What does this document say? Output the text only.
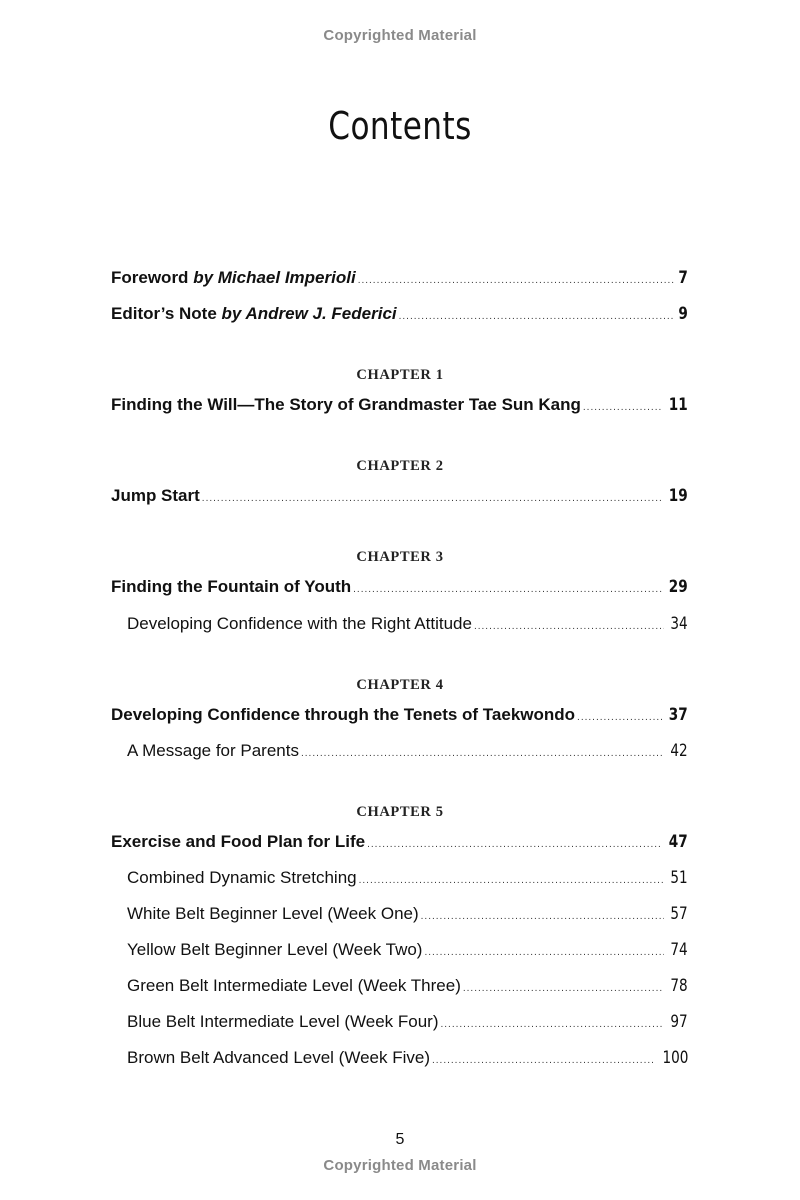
Copyrighted Material
Contents
Foreword by Michael Imperioli .....	7
Editor’s Note by Andrew J. Federici .....	9
CHAPTER 1
Finding the Will—The Story of Grandmaster Tae Sun Kang .....	11
CHAPTER 2
Jump Start .....	19
CHAPTER 3
Finding the Fountain of Youth .....	29
Developing Confidence with the Right Attitude .....	34
CHAPTER 4
Developing Confidence through the Tenets of Taekwondo .....	37
A Message for Parents .....	42
CHAPTER 5
Exercise and Food Plan for Life .....	47
Combined Dynamic Stretching .....	51
White Belt Beginner Level (Week One) .....	57
Yellow Belt Beginner Level (Week Two) .....	74
Green Belt Intermediate Level (Week Three) .....	78
Blue Belt Intermediate Level (Week Four) .....	97
Brown Belt Advanced Level (Week Five) .....	100
5
Copyrighted Material
